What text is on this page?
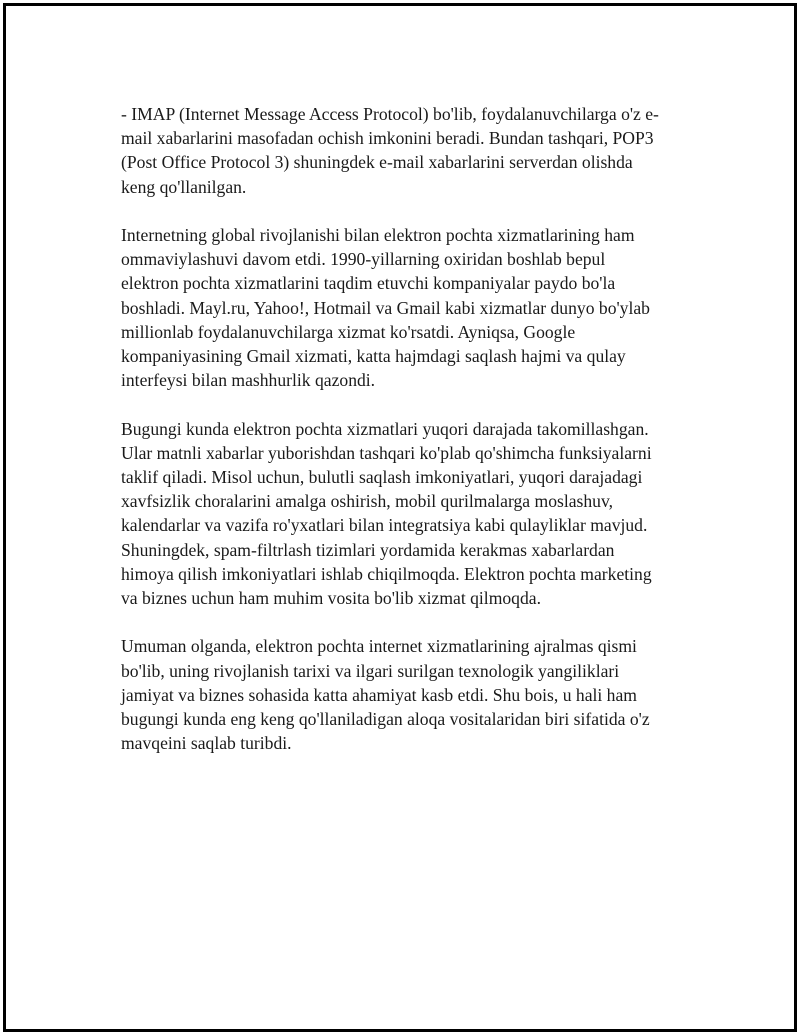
- IMAP (Internet Message Access Protocol) bo'lib, foydalanuvchilarga o'z e-
mail xabarlarini masofadan ochish imkonini beradi. Bundan tashqari, POP3
(Post Office Protocol 3) shuningdek e-mail xabarlarini serverdan olishda
keng qo'llanilgan.

Internetning global rivojlanishi bilan elektron pochta xizmatlarining ham
ommaviylashuvi davom etdi. 1990-yillarning oxiridan boshlab bepul
elektron pochta xizmatlarini taqdim etuvchi kompaniyalar paydo bo'la
boshladi. Mayl.ru, Yahoo!, Hotmail va Gmail kabi xizmatlar dunyo bo'ylab
millionlab foydalanuvchilarga xizmat ko'rsatdi. Ayniqsa, Google
kompaniyasining Gmail xizmati, katta hajmdagi saqlash hajmi va qulay
interfeysi bilan mashhurlik qazondi.

Bugungi kunda elektron pochta xizmatlari yuqori darajada takomillashgan.
Ular matnli xabarlar yuborishdan tashqari ko'plab qo'shimcha funksiyalarni
taklif qiladi. Misol uchun, bulutli saqlash imkoniyatlari, yuqori darajadagi
xavfsizlik choralarini amalga oshirish, mobil qurilmalarga moslashuv,
kalendarlar va vazifa ro'yxatlari bilan integratsiya kabi qulayliklar mavjud.
Shuningdek, spam-filtrlash tizimlari yordamida kerakmas xabarlardan
himoya qilish imkoniyatlari ishlab chiqilmoqda. Elektron pochta marketing
va biznes uchun ham muhim vosita bo'lib xizmat qilmoqda.

Umuman olganda, elektron pochta internet xizmatlarining ajralmas qismi
bo'lib, uning rivojlanish tarixi va ilgari surilgan texnologik yangiliklari
jamiyat va biznes sohasida katta ahamiyat kasb etdi. Shu bois, u hali ham
bugungi kunda eng keng qo'llaniladigan aloqa vositalaridan biri sifatida o'z
mavqeini saqlab turibdi.
